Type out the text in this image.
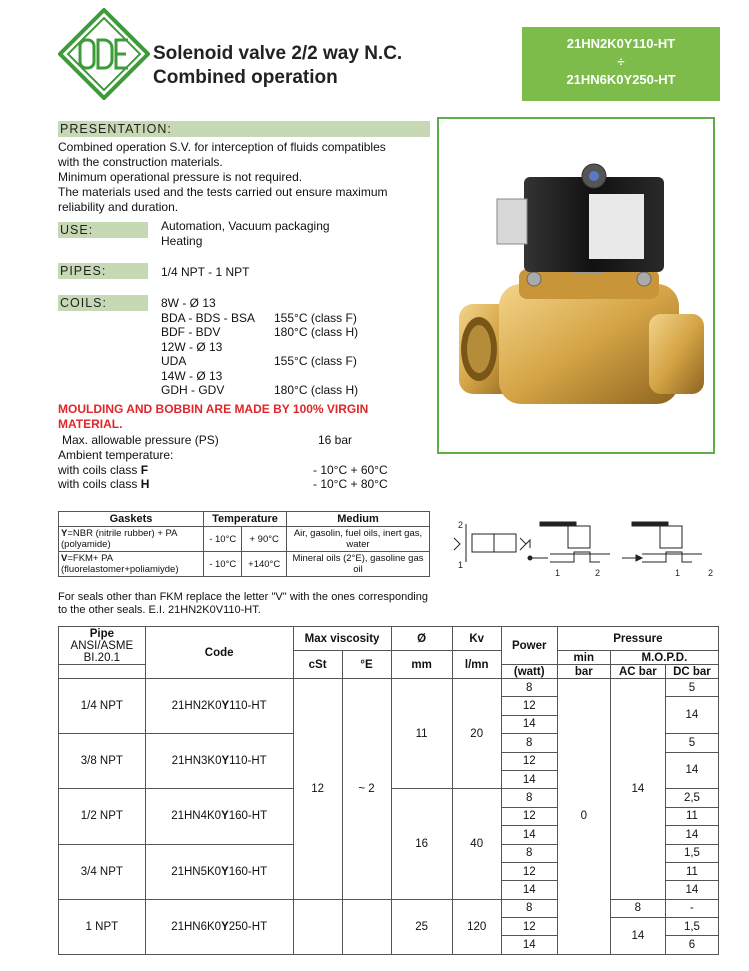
Solenoid valve 2/2 way N.C.
Combined operation
21HN2K0Y110-HT
÷
21HN6K0Y250-HT
PRESENTATION:
Combined operation S.V. for interception of fluids compatibles
with the construction materials.
Minimum operational pressure is not required.
The materials used and the tests carried out ensure maximum
reliability and duration.
USE:	Automation, Vacuum packaging
Heating
PIPES:	1/4 NPT - 1 NPT
COILS:	8W - Ø 13
BDA - BDS - BSA 155°C (class F)
BDF - BDV	180°C (class H)
12W - Ø 13
UDA	155°C (class F)
14W - Ø 13
GDH - GDV	180°C (class H)
MOULDING AND BOBBIN ARE MADE BY 100% VIRGIN
MATERIAL.
Max. allowable pressure (PS)	16 bar
Ambient temperature:
with coils class F	- 10°C + 60°C
with coils class H	- 10°C + 80°C
Gaskets	Temperature		Medium
Y=NBR (nitrile rubber) + PA
(polyamide)	- 10°C	+ 90°C	Air, gasolin, fuel oils, inert gas, water
V=FKM+ PA
(fluorelastomer+poliamiyde)	- 10°C	+140°C	Mineral oils (2°E), gasoline gas oil
For seals other than FKM replace the letter "V" with the ones corresponding to the other seals. E.I. 21HN2K0V110-HT.
2
1
1	2	1	2
Pipe
ANSI/ASME
BI.20.1	Code	Max viscosity		Ø	Kv	Power	Pressure		
		cSt	°E	mm	l/mn		min	M.O.P.D.	
						(watt)	bar	AC bar	DC bar
1/4 NPT	21HN2K0Y110-HT	12	~ 2	11	20	8	0	14	5
						12			14
						14			
3/8 NPT	21HN3K0Y110-HT					8			5
						12			14
						14			
1/2 NPT	21HN4K0Y160-HT			16	40	8			2,5
						12			11
						14			14
3/4 NPT	21HN5K0Y160-HT					8			1,5
						12			11
						14			14
1 NPT	21HN6K0Y250-HT			25	120	8		8	-
						12		14	1,5
						14			6
